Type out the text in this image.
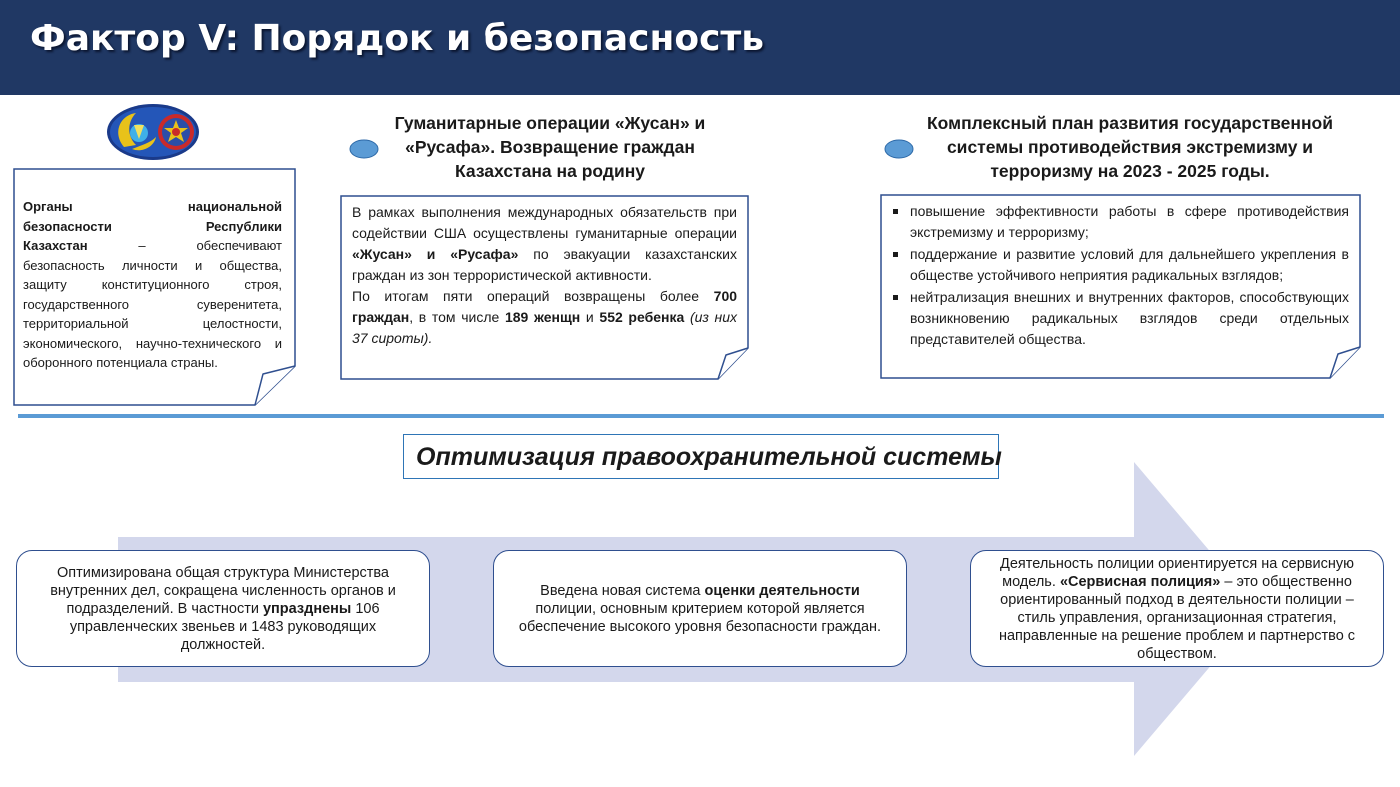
Фактор V: Порядок и безопасность

Органы национальной

безопасности Республики

Казахстан	– обеспечивают

безопасность личности и общества, защиту конституционного строя, государственного суверенитета, территориальной целостности, экономического, научно-технического и оборонного потенциала страны.

Гуманитарные операции «Жусан» и «Русафа». Возвращение граждан Казахстана на родину

В рамках выполнения международных обязательств при содействии США осуществлены гуманитарные операции «Жусан» и «Русафа» по эвакуации казахстанских граждан из зон террористической активности.

По итогам пяти операций возвращены более 700 граждан, в том числе 189 женщн и 552 ребенка (из них 37 сироты).

Комплексный план развития государственной системы противодействия экстремизму и терроризму на 2023 - 2025 годы.
повышение эффективности работы в сфере противодействия экстремизму и терроризму;
поддержание и развитие условий для дальнейшего укрепления в обществе устойчивого неприятия радикальных взглядов;
нейтрализация внешних и внутренних факторов, способствующих возникновению радикальных взглядов среди отдельных представителей общества.
Оптимизация правоохранительной системы

Оптимизирована общая структура Министерства внутренних дел, сокращена численность органов и подразделений. В частности упразднены 106 управленческих звеньев и 1483 руководящих должностей.

Введена новая система оценки деятельности полиции, основным критерием которой является обеспечение высокого уровня безопасности граждан.

Деятельность полиции ориентируется на сервисную модель. «Сервисная полиция» – это общественно ориентированный подход в деятельности полиции – стиль управления, организационная стратегия, направленные на решение проблем и партнерство с обществом.
